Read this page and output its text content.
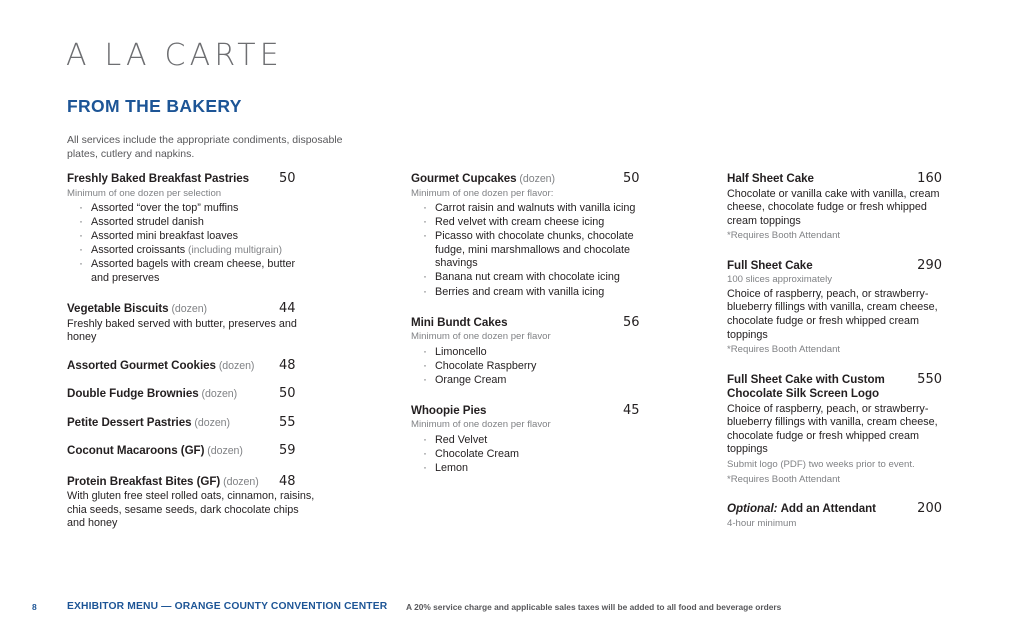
A LA CARTE
FROM THE BAKERY
All services include the appropriate condiments, disposable plates, cutlery and napkins.
Freshly Baked Breakfast Pastries	50
Minimum of one dozen per selection
· Assorted “over the top” muffins
· Assorted strudel danish
· Assorted mini breakfast loaves
· Assorted croissants (including multigrain)
· Assorted bagels with cream cheese, butter and preserves
Vegetable Biscuits (dozen)	44
Freshly baked served with butter, preserves and honey
Assorted Gourmet Cookies (dozen)	48
Double Fudge Brownies (dozen)	50
Petite Dessert Pastries (dozen)	55
Coconut Macaroons (GF) (dozen)	59
Protein Breakfast Bites (GF) (dozen)	48
With gluten free steel rolled oats, cinnamon, raisins, chia seeds, sesame seeds, dark chocolate chips and honey
Gourmet Cupcakes (dozen)	50
Minimum of one dozen per flavor:
· Carrot raisin and walnuts with vanilla icing
· Red velvet with cream cheese icing
· Picasso with chocolate chunks, chocolate fudge, mini marshmallows and chocolate shavings
· Banana nut cream with chocolate icing
· Berries and cream with vanilla icing
Mini Bundt Cakes	56
Minimum of one dozen per flavor
· Limoncello
· Chocolate Raspberry
· Orange Cream
Whoopie Pies	45
Minimum of one dozen per flavor
· Red Velvet
· Chocolate Cream
· Lemon
Half Sheet Cake	160
Chocolate or vanilla cake with vanilla, cream cheese, chocolate fudge or fresh whipped cream toppings
*Requires Booth Attendant
Full Sheet Cake	290
100 slices approximately
Choice of raspberry, peach, or strawberry-blueberry fillings with vanilla, cream cheese, chocolate fudge or fresh whipped cream toppings
*Requires Booth Attendant
Full Sheet Cake with Custom Chocolate Silk Screen Logo
550
Choice of raspberry, peach, or strawberry-blueberry fillings with vanilla, cream cheese, chocolate fudge or fresh whipped cream toppings
Submit logo (PDF) two weeks prior to event.
*Requires Booth Attendant
Optional: Add an Attendant	200
4-hour minimum
8	EXHIBITOR MENU — ORANGE COUNTY CONVENTION CENTER A 20% service charge and applicable sales taxes will be added to all food and beverage orders
